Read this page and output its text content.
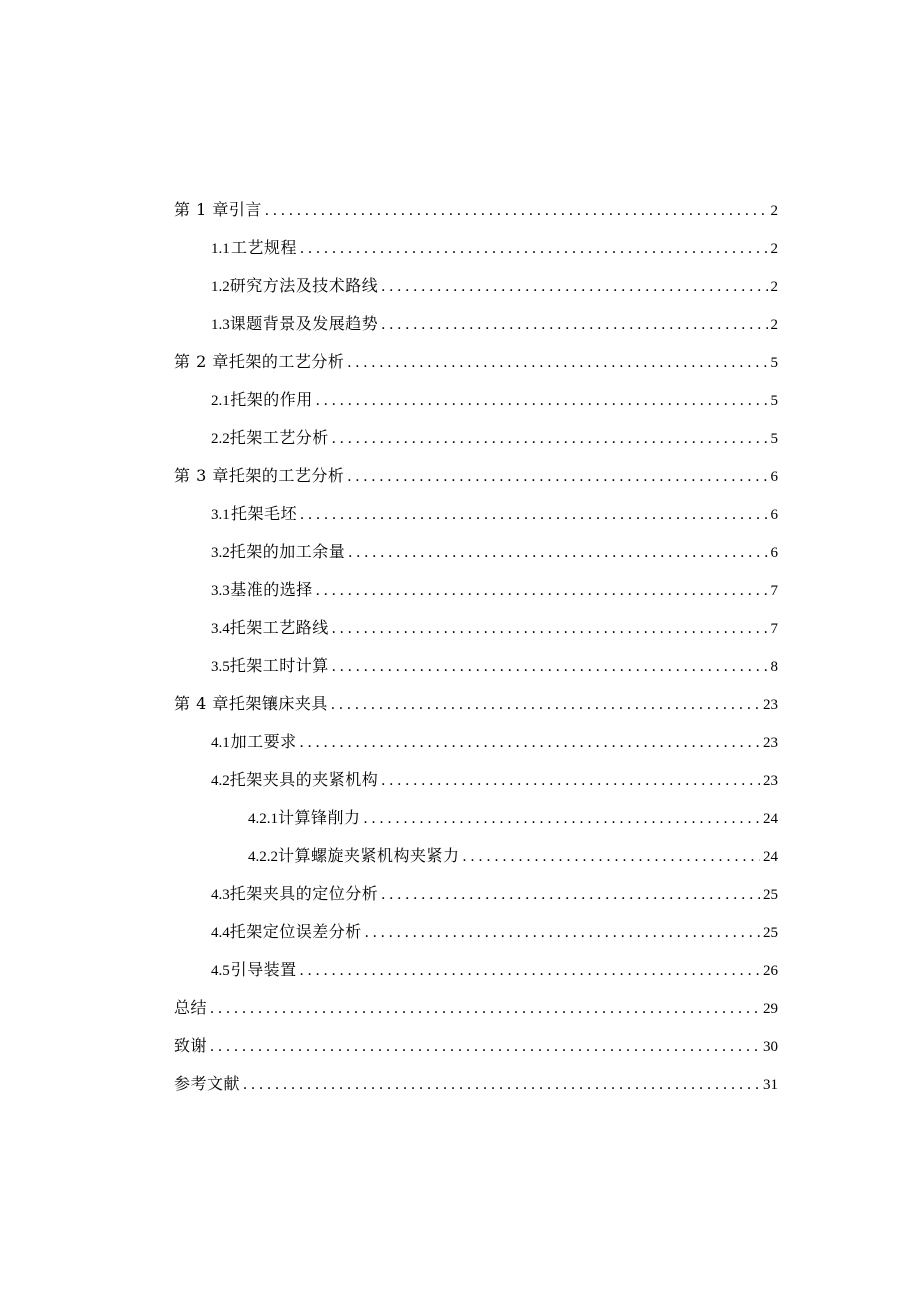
第 1 章引言 . . .	2
1.1 工艺规程 . . .	2
1.2 研究方法及技术路线 . . .	2
1.3 课题背景及发展趋势 . . .	2
第 2 章托架的工艺分析 . . .	5
2.1 托架的作用 . . .	5
2.2 托架工艺分析 . . .	5
第 3 章托架的工艺分析 . . .	6
3.1 托架毛坯 . . .	6
3.2 托架的加工余量 . . .	6
3.3 基准的选择 . . .	7
3.4 托架工艺路线 . . .	7
3.5 托架工时计算 . . .	8
第 4 章托架镶床夹具 . . .	23
4.1 加工要求 . . .	23
4.2 托架夹具的夹紧机构 . . .	23
4.2.1 计算锋削力 . . .	24
4.2.2 计算螺旋夹紧机构夹紧力 . . .	24
4.3 托架夹具的定位分析 . . .	25
4.4 托架定位误差分析 . . .	25
4.5 引导装置 . . .	26
总结 . . .	29
致谢 . . .	30
参考文献 . . .	31
